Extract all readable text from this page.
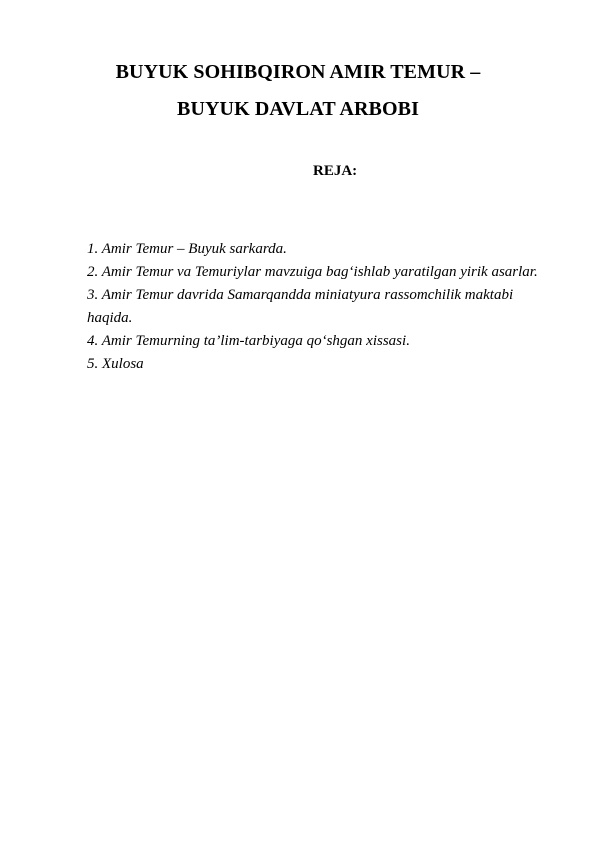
BUYUK SOHIBQIRON AMIR TEMUR –
BUYUK DAVLAT ARBOBI
REJA:
1. Amir Temur – Buyuk sarkarda.
2. Amir Temur va Temuriylar mavzuiga bag‘ishlab yaratilgan yirik asarlar.
3. Amir Temur davrida Samarqandda miniatyura rassomchilik maktabi haqida.
4. Amir Temurning ta’lim-tarbiyaga qo‘shgan xissasi.
5. Xulosa
